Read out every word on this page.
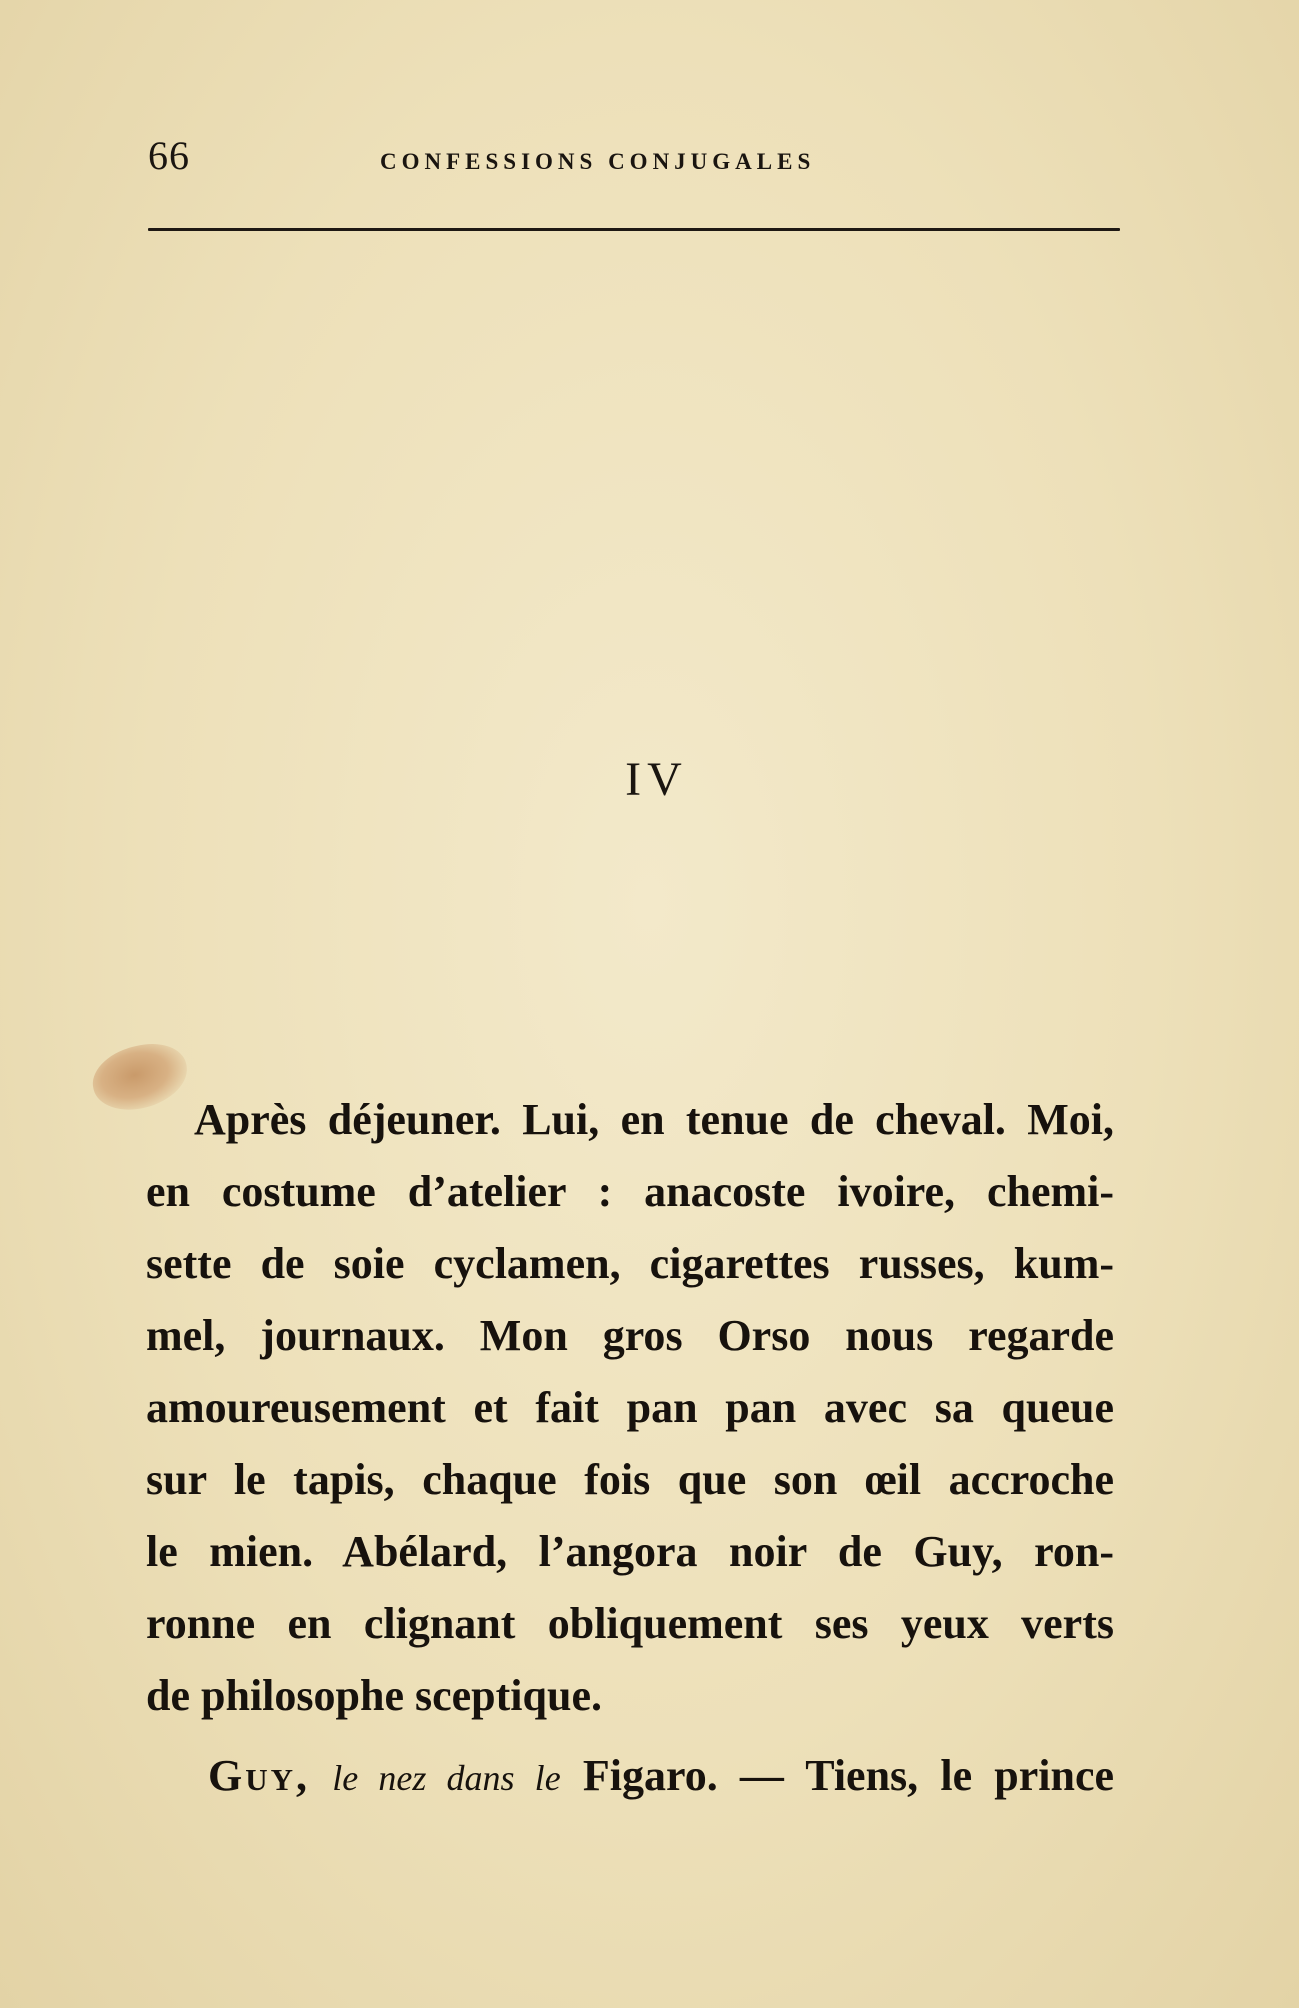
66	CONFESSIONS CONJUGALES
IV
Après déjeuner. Lui, en tenue de cheval. Moi,
en costume d’atelier : anacoste ivoire, chemi-
sette de soie cyclamen, cigarettes russes, kum-
mel, journaux. Mon gros Orso nous regarde
amoureusement et fait pan pan avec sa queue
sur le tapis, chaque fois que son œil accroche
le mien. Abélard, l’angora noir de Guy, ron-
ronne en clignant obliquement ses yeux verts
de philosophe sceptique.
Guy, le nez dans le Figaro. — Tiens, le prince
